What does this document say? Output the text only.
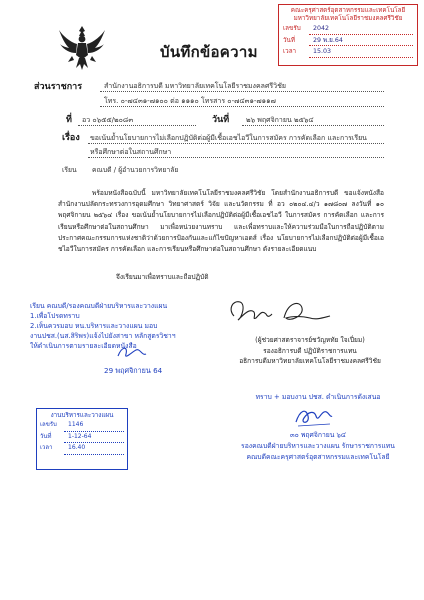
บันทึกข้อความ
คณะครุศาสตร์อุตสาหกรรมและเทคโนโลยี
มหาวิทยาลัยเทคโนโลยีราชมงคลศรีวิชัย
เลขรับ	2042
วันที่	29 พ.ย.64
เวลา	15.03
ส่วนราชการ	สำนักงานอธิการบดี มหาวิทยาลัยเทคโนโลยีราชมงคลศรีวิชัย
โทร. ๐-๗๔๓๑-๗๑๐๐ ต่อ ๑๑๑๐ โทรสาร ๐-๗๔๓๑-๗๑๑๗
ที่ อว ๐๖๕๕/๒๐๘๓	วันที่ ๒๖ พฤศจิกายน ๒๕๖๔
เรื่อง ขอเน้นย้ำนโยบายการไม่เลือกปฏิบัติต่อผู้มีเชื้อเอชไอวีในการสมัคร การคัดเลือก และการเรียน
หรือศึกษาต่อในสถานศึกษา
เรียน คณบดี / ผู้อำนวยการวิทยาลัย
พร้อมหนังสือฉบับนี้ มหาวิทยาลัยเทคโนโลยีราชมงคลศรีวิชัย โดยสำนักงานอธิการบดี ขอแจ้งหนังสือสำนักงานปลัดกระทรวงการอุดมศึกษา วิทยาศาสตร์ วิจัย และนวัตกรรม ที่ อว ๐๒๐๔.๔/ว ๑๗๘๐๗ ลงวันที่ ๑๐ พฤศจิกายน ๒๕๖๔ เรื่อง ขอเน้นย้ำนโยบายการไม่เลือกปฏิบัติต่อผู้มีเชื้อเอชไอวี ในการสมัคร การคัดเลือก และการเรียนหรือศึกษาต่อในสถานศึกษา มาเพื่อหน่วยงานทราบ และเพื่อทราบและให้ความร่วมมือในการถือปฏิบัติตามประกาศคณะกรรมการแห่งชาติว่าด้วยการป้องกันและแก้ไขปัญหาเอดส์ เรื่อง นโยบายการไม่เลือกปฏิบัติต่อผู้มีเชื้อเอชไอวีในการสมัคร การคัดเลือก และการเรียนหรือศึกษาต่อในสถานศึกษา ดังรายละเอียดแนบ
จึงเรียนมาเพื่อทราบและถือปฏิบัติ
เรียน คณบดี/รองคณบดีฝ่ายบริหารและวางแผน
1.เพื่อโปรดทราบ
2.เห็นควรมอบ หน.บริหารและวางแผน มอบ
งานปชส.(นส.สิริพร)แจ้งไปยังสาขา หลักสูตรวิชาฯ
ให้ดำเนินการตามรายละเอียดหนังสือ
29 พฤศจิกายน 64
(ผู้ช่วยศาสตราจารย์ชวัญหทัย ใจเปี่ยม)
รองอธิการบดี ปฏิบัติราชการแทน
อธิการบดีมหาวิทยาลัยเทคโนโลยีราชมงคลศรีวิชัย
งานบริหารและวางแผน
เลขรับ	1146
วันที่	1-12-64
เวลา	16.40
ทราบ + มอบงาน ปชส. ดำเนินการดังเสนอ
๓๐ พฤศจิกายน ๖๔
รองคณบดีฝ่ายบริหารและวางแผน รักษาราชการแทน
คณบดีคณะครุศาสตร์อุตสาหกรรมและเทคโนโลยี
